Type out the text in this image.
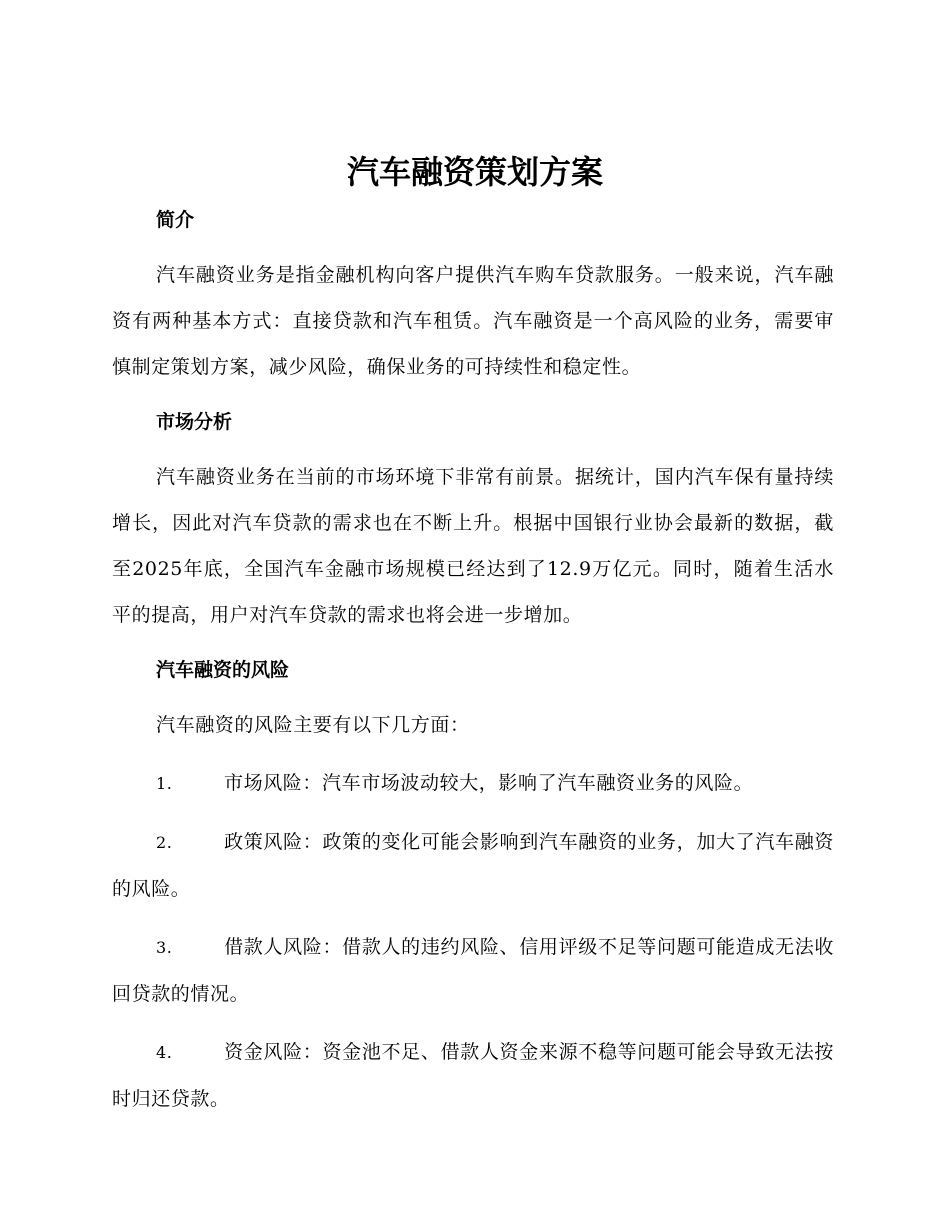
汽车融资策划方案
简介

汽车融资业务是指金融机构向客户提供汽车购车贷款服务。一般来说，汽车融资有两种基本方式：直接贷款和汽车租赁。汽车融资是一个高风险的业务，需要审慎制定策划方案，减少风险，确保业务的可持续性和稳定性。

市场分析

汽车融资业务在当前的市场环境下非常有前景。据统计，国内汽车保有量持续增长，因此对汽车贷款的需求也在不断上升。根据中国银行业协会最新的数据，截至2025年底，全国汽车金融市场规模已经达到了12.9万亿元。同时，随着生活水平的提高，用户对汽车贷款的需求也将会进一步增加。

汽车融资的风险

汽车融资的风险主要有以下几方面：

1.	市场风险：汽车市场波动较大，影响了汽车融资业务的风险。
2.	政策风险：政策的变化可能会影响到汽车融资的业务，加大了汽车融资的风险。
3.	借款人风险：借款人的违约风险、信用评级不足等问题可能造成无法收回贷款的情况。
4.	资金风险：资金池不足、借款人资金来源不稳等问题可能会导致无法按时归还贷款。
